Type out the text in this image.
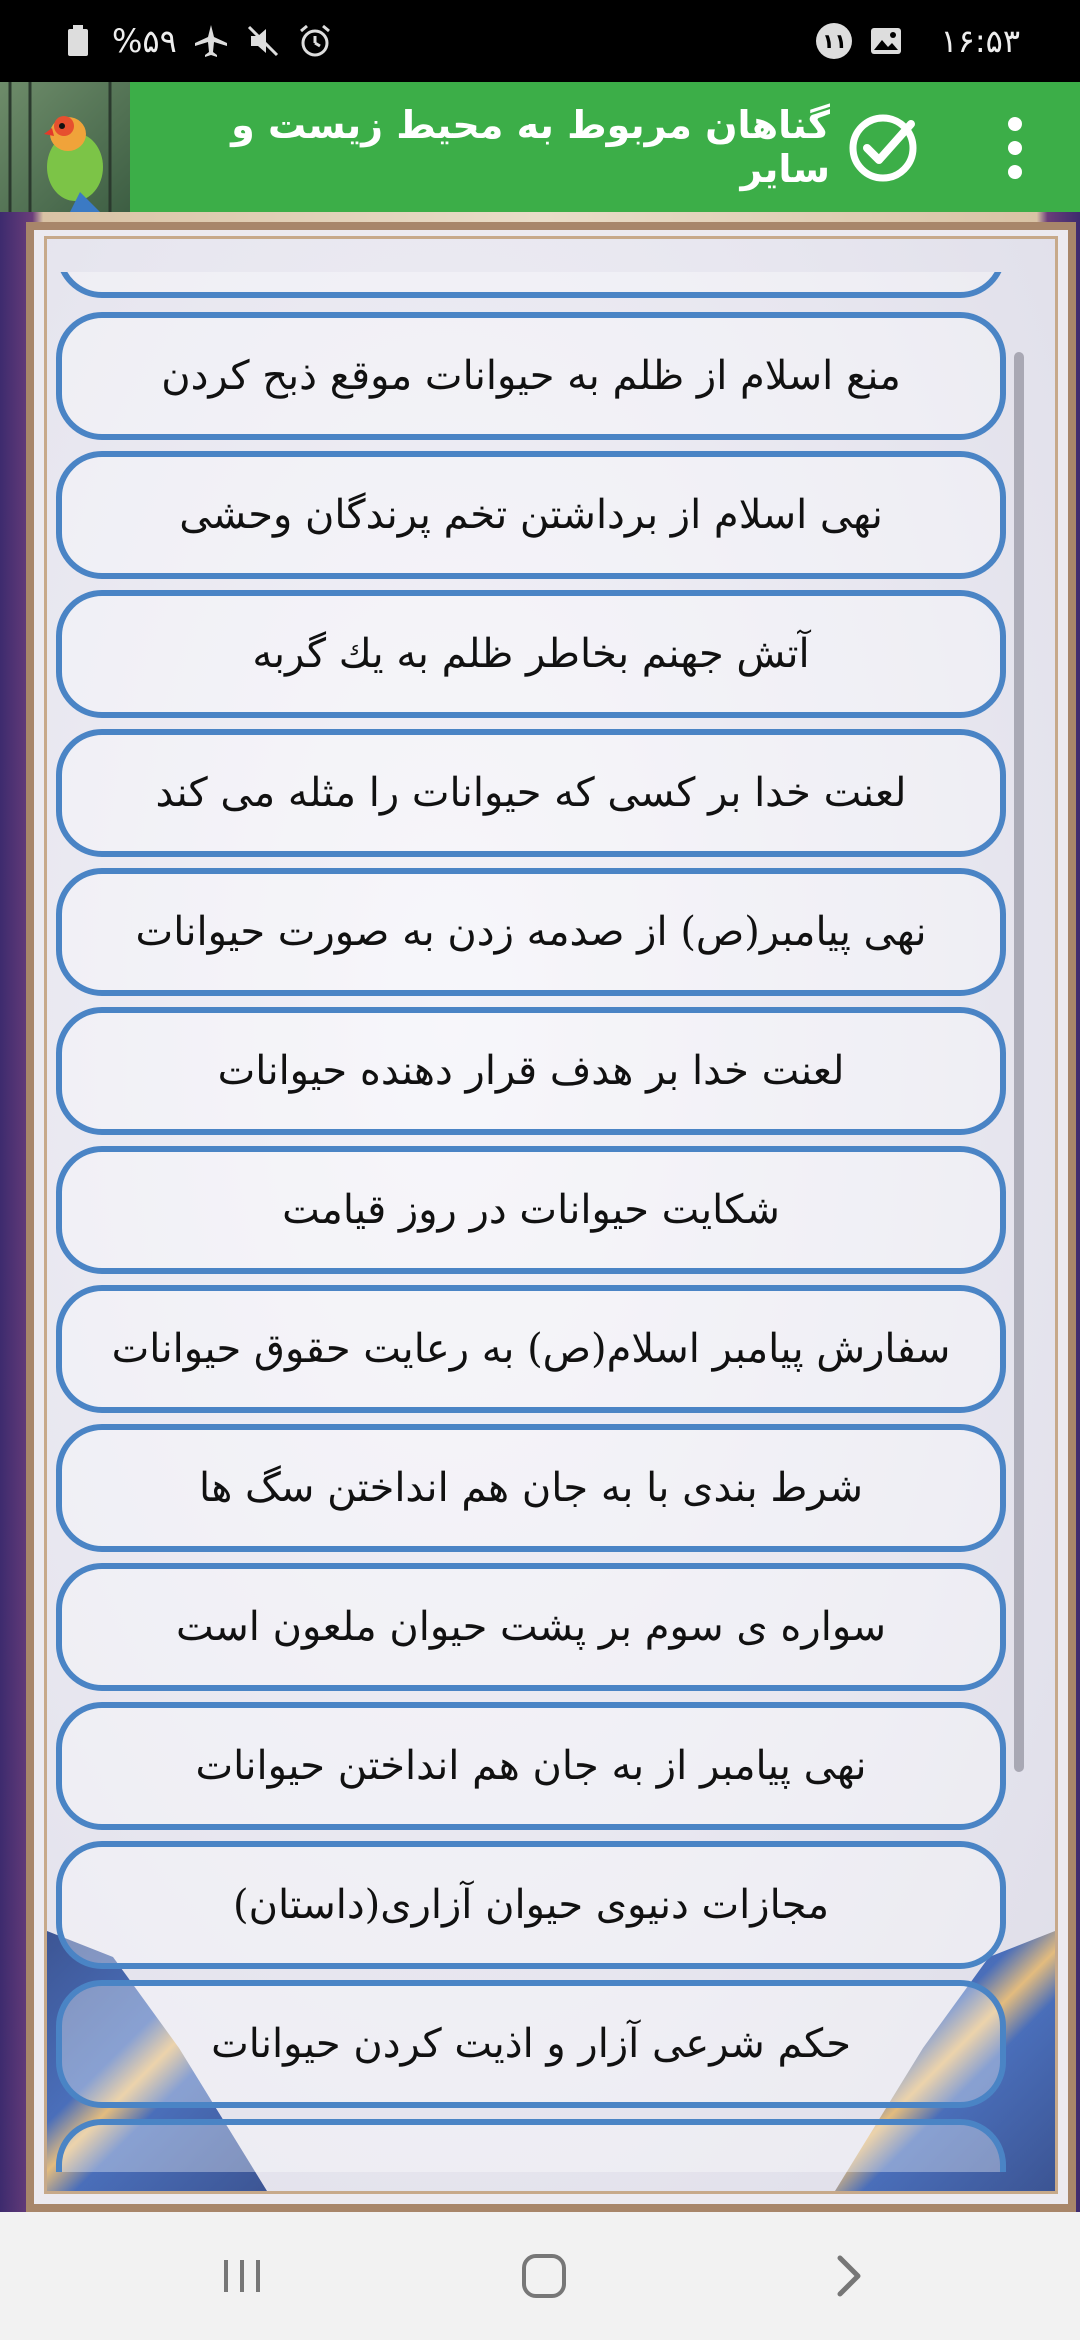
%۵۹	۱۱	۱۶:۵۳
گناهان مربوط به محیط زیست و سایر
منع اسلام از ظلم به حیوانات موقع ذبح کردن
نهی اسلام از برداشتن تخم پرندگان وحشی
آتش جهنم بخاطر ظلم به یك گربه
لعنت خدا بر کسی که حیوانات را مثله می کند
نهی پیامبر(ص) از صدمه زدن به صورت حیوانات
لعنت خدا بر هدف قرار دهنده حیوانات
شکایت حیوانات در روز قیامت
سفارش پیامبر اسلام(ص) به رعایت حقوق حیوانات
شرط بندی با به جان هم انداختن سگ ها
سواره ی سوم بر پشت حیوان ملعون است
نهی پیامبر از به جان هم انداختن حیوانات
مجازات دنیوی حیوان آزاری(داستان)
حکم شرعی آزار و اذیت کردن حیوانات
